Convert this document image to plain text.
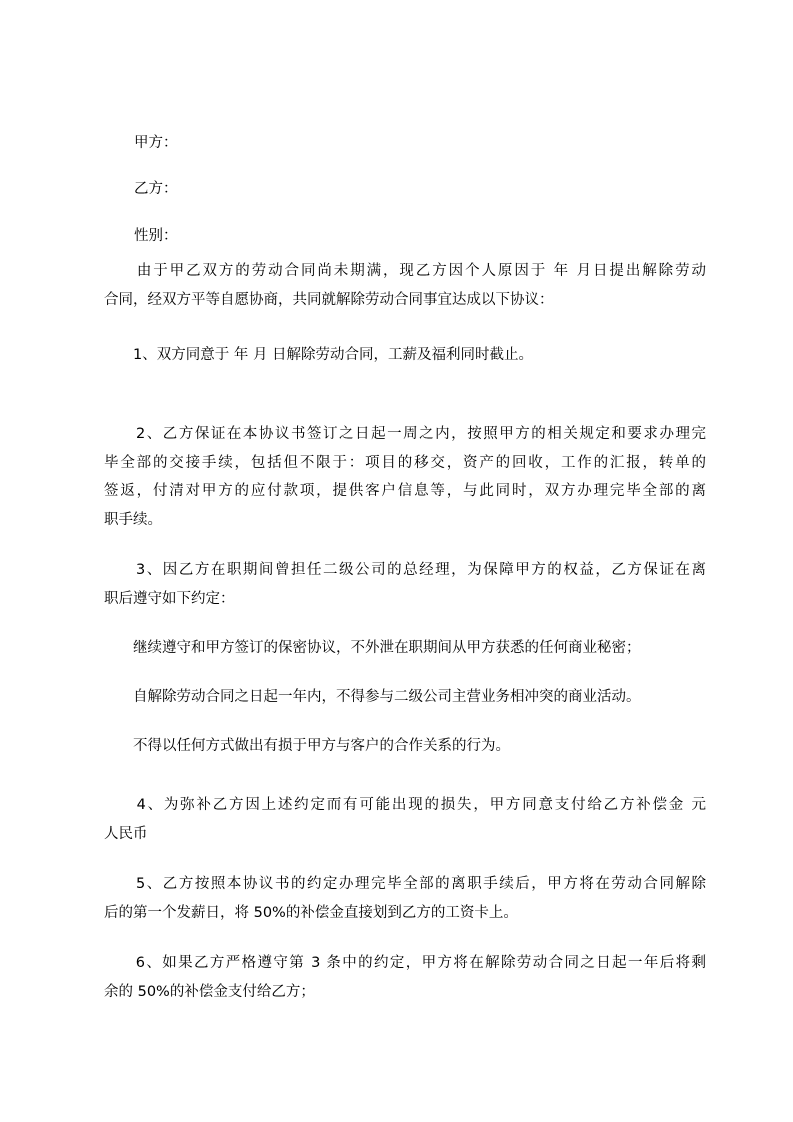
甲方：
乙方：
性别：
　　由于甲乙双方的劳动合同尚未期满，现乙方因个人原因于 年 月日提出解除劳动
合同，经双方平等自愿协商，共同就解除劳动合同事宜达成以下协议：
　　1、双方同意于 年 月 日解除劳动合同，工薪及福利同时截止。
　　2、乙方保证在本协议书签订之日起一周之内，按照甲方的相关规定和要求办理完
毕全部的交接手续，包括但不限于：项目的移交，资产的回收，工作的汇报，转单的
签返，付清对甲方的应付款项，提供客户信息等，与此同时，双方办理完毕全部的离
职手续。
　　3、因乙方在职期间曾担任二级公司的总经理，为保障甲方的权益，乙方保证在离
职后遵守如下约定：
　　继续遵守和甲方签订的保密协议，不外泄在职期间从甲方获悉的任何商业秘密；
　　自解除劳动合同之日起一年内，不得参与二级公司主营业务相冲突的商业活动。
　　不得以任何方式做出有损于甲方与客户的合作关系的行为。
　　4、为弥补乙方因上述约定而有可能出现的损失，甲方同意支付给乙方补偿金 元
人民币
　　5、乙方按照本协议书的约定办理完毕全部的离职手续后，甲方将在劳动合同解除
后的第一个发薪日，将 50%的补偿金直接划到乙方的工资卡上。
　　6、如果乙方严格遵守第 3 条中的约定，甲方将在解除劳动合同之日起一年后将剩
余的 50%的补偿金支付给乙方；
